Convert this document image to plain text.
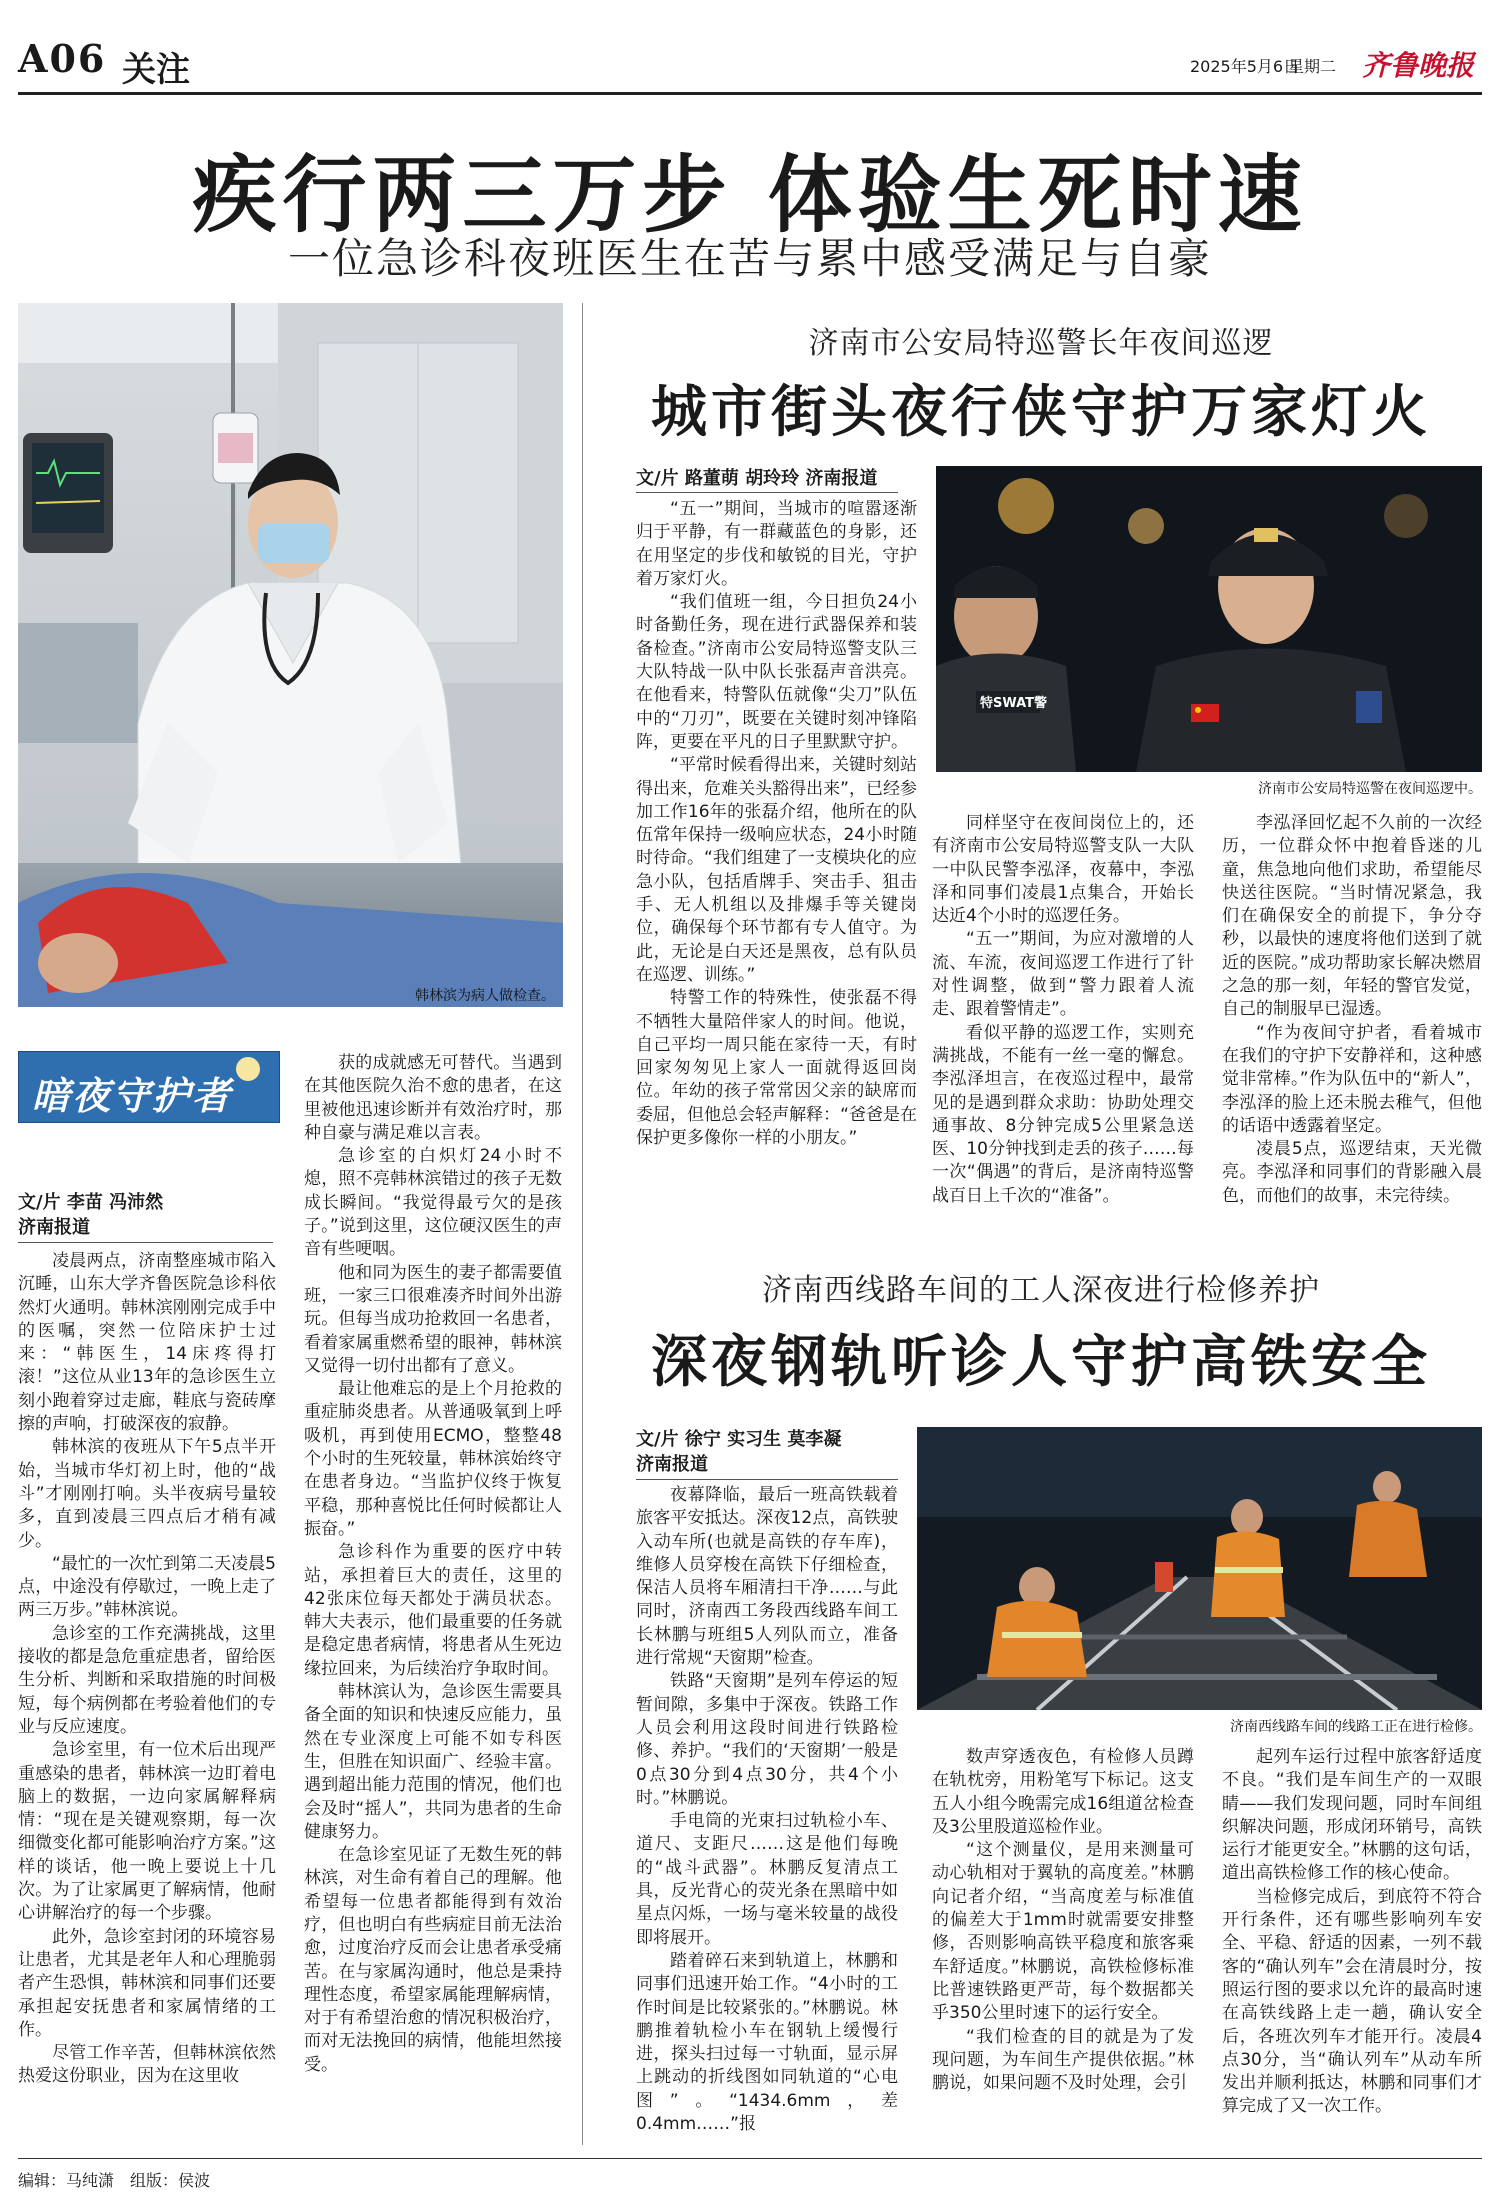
A06 关注	2025年5月6日
星期二 齐鲁晚报
疾行两三万步 体验生死时速
一位急诊科夜班医生在苦与累中感受满足与自豪
韩林滨为病人做检查。
暗夜守护者
文/片 李苗 冯沛然
济南报道

凌晨两点，济南整座城市陷入沉睡，山东大学齐鲁医院急诊科依然灯火通明。韩林滨刚刚完成手中的医嘱，突然一位陪床护士过来：“韩医生，14床疼得打滚！”这位从业13年的急诊医生立刻小跑着穿过走廊，鞋底与瓷砖摩擦的声响，打破深夜的寂静。

韩林滨的夜班从下午5点半开始，当城市华灯初上时，他的“战斗”才刚刚打响。头半夜病号量较多，直到凌晨三四点后才稍有减少。

“最忙的一次忙到第二天凌晨5点，中途没有停歇过，一晚上走了两三万步。”韩林滨说。

急诊室的工作充满挑战，这里接收的都是急危重症患者，留给医生分析、判断和采取措施的时间极短，每个病例都在考验着他们的专业与反应速度。

急诊室里，有一位术后出现严重感染的患者，韩林滨一边盯着电脑上的数据，一边向家属解释病情：“现在是关键观察期，每一次细微变化都可能影响治疗方案。”这样的谈话，他一晚上要说上十几次。为了让家属更了解病情，他耐心讲解治疗的每一个步骤。

此外，急诊室封闭的环境容易让患者，尤其是老年人和心理脆弱者产生恐惧，韩林滨和同事们还要承担起安抚患者和家属情绪的工作。

尽管工作辛苦，但韩林滨依然热爱这份职业，因为在这里收

获的成就感无可替代。当遇到在其他医院久治不愈的患者，在这里被他迅速诊断并有效治疗时，那种自豪与满足难以言表。

急诊室的白炽灯24小时不熄，照不亮韩林滨错过的孩子无数成长瞬间。“我觉得最亏欠的是孩子。”说到这里，这位硬汉医生的声音有些哽咽。

他和同为医生的妻子都需要值班，一家三口很难凑齐时间外出游玩。但每当成功抢救回一名患者，看着家属重燃希望的眼神，韩林滨又觉得一切付出都有了意义。

最让他难忘的是上个月抢救的重症肺炎患者。从普通吸氧到上呼吸机，再到使用ECMO，整整48个小时的生死较量，韩林滨始终守在患者身边。“当监护仪终于恢复平稳，那种喜悦比任何时候都让人振奋。”

急诊科作为重要的医疗中转站，承担着巨大的责任，这里的42张床位每天都处于满员状态。韩大夫表示，他们最重要的任务就是稳定患者病情，将患者从生死边缘拉回来，为后续治疗争取时间。

韩林滨认为，急诊医生需要具备全面的知识和快速反应能力，虽然在专业深度上可能不如专科医生，但胜在知识面广、经验丰富。遇到超出能力范围的情况，他们也会及时“摇人”，共同为患者的生命健康努力。

在急诊室见证了无数生死的韩林滨，对生命有着自己的理解。他希望每一位患者都能得到有效治疗，但也明白有些病症目前无法治愈，过度治疗反而会让患者承受痛苦。在与家属沟通时，他总是秉持理性态度，希望家属能理解病情，对于有希望治愈的情况积极治疗，而对无法挽回的病情，他能坦然接受。

济南市公安局特巡警长年夜间巡逻
城市街头夜行侠守护万家灯火
文/片 路董萌 胡玲玲 济南报道
特SWAT警
济南市公安局特巡警在夜间巡逻中。

“五一”期间，当城市的喧嚣逐渐归于平静，有一群藏蓝色的身影，还在用坚定的步伐和敏锐的目光，守护着万家灯火。

“我们值班一组，今日担负24小时备勤任务，现在进行武器保养和装备检查。”济南市公安局特巡警支队三大队特战一队中队长张磊声音洪亮。在他看来，特警队伍就像“尖刀”队伍中的“刀刃”，既要在关键时刻冲锋陷阵，更要在平凡的日子里默默守护。

“平常时候看得出来，关键时刻站得出来，危难关头豁得出来”，已经参加工作16年的张磊介绍，他所在的队伍常年保持一级响应状态，24小时随时待命。“我们组建了一支模块化的应急小队，包括盾牌手、突击手、狙击手、无人机组以及排爆手等关键岗位，确保每个环节都有专人值守。为此，无论是白天还是黑夜，总有队员在巡逻、训练。”

特警工作的特殊性，使张磊不得不牺牲大量陪伴家人的时间。他说，自己平均一周只能在家待一天，有时回家匆匆见上家人一面就得返回岗位。年幼的孩子常常因父亲的缺席而委屈，但他总会轻声解释：“爸爸是在保护更多像你一样的小朋友。”

同样坚守在夜间岗位上的，还有济南市公安局特巡警支队一大队一中队民警李泓泽，夜幕中，李泓泽和同事们凌晨1点集合，开始长达近4个小时的巡逻任务。

“五一”期间，为应对激增的人流、车流，夜间巡逻工作进行了针对性调整，做到“警力跟着人流走、跟着警情走”。

看似平静的巡逻工作，实则充满挑战，不能有一丝一毫的懈怠。李泓泽坦言，在夜巡过程中，最常见的是遇到群众求助：协助处理交通事故、8分钟完成5公里紧急送医、10分钟找到走丢的孩子……每一次“偶遇”的背后，是济南特巡警战百日上千次的“准备”。

李泓泽回忆起不久前的一次经历，一位群众怀中抱着昏迷的儿童，焦急地向他们求助，希望能尽快送往医院。“当时情况紧急，我们在确保安全的前提下，争分夺秒，以最快的速度将他们送到了就近的医院。”成功帮助家长解决燃眉之急的那一刻，年轻的警官发觉，自己的制服早已湿透。

“作为夜间守护者，看着城市在我们的守护下安静祥和，这种感觉非常棒。”作为队伍中的“新人”，李泓泽的脸上还未脱去稚气，但他的话语中透露着坚定。

凌晨5点，巡逻结束，天光微亮。李泓泽和同事们的背影融入晨色，而他们的故事，未完待续。

济南西线路车间的工人深夜进行检修养护
深夜钢轨听诊人守护高铁安全
文/片 徐宁 实习生 莫李凝
济南报道
济南西线路车间的线路工正在进行检修。

夜幕降临，最后一班高铁载着旅客平安抵达。深夜12点，高铁驶入动车所(也就是高铁的存车库)，维修人员穿梭在高铁下仔细检查，保洁人员将车厢清扫干净……与此同时，济南西工务段西线路车间工长林鹏与班组5人列队而立，准备进行常规“天窗期”检查。

铁路“天窗期”是列车停运的短暂间隙，多集中于深夜。铁路工作人员会利用这段时间进行铁路检修、养护。“我们的‘天窗期’一般是0点30分到4点30分，共4个小时。”林鹏说。

手电筒的光束扫过轨检小车、道尺、支距尺……这是他们每晚的“战斗武器”。林鹏反复清点工具，反光背心的荧光条在黑暗中如星点闪烁，一场与毫米较量的战役即将展开。

踏着碎石来到轨道上，林鹏和同事们迅速开始工作。“4小时的工作时间是比较紧张的。”林鹏说。林鹏推着轨检小车在钢轨上缓慢行进，探头扫过每一寸轨面，显示屏上跳动的折线图如同轨道的“心电图”。“1434.6mm，差0.4mm……”报

数声穿透夜色，有检修人员蹲在轨枕旁，用粉笔写下标记。这支五人小组今晚需完成16组道岔检查及3公里股道巡检作业。

“这个测量仪，是用来测量可动心轨相对于翼轨的高度差。”林鹏向记者介绍，“当高度差与标准值的偏差大于1mm时就需要安排整修，否则影响高铁平稳度和旅客乘车舒适度。”林鹏说，高铁检修标准比普速铁路更严苛，每个数据都关乎350公里时速下的运行安全。

“我们检查的目的就是为了发现问题，为车间生产提供依据。”林鹏说，如果问题不及时处理，会引

起列车运行过程中旅客舒适度不良。“我们是车间生产的一双眼睛——我们发现问题，同时车间组织解决问题，形成闭环销号，高铁运行才能更安全。”林鹏的这句话，道出高铁检修工作的核心使命。

当检修完成后，到底符不符合开行条件，还有哪些影响列车安全、平稳、舒适的因素，一列不载客的“确认列车”会在清晨时分，按照运行图的要求以允许的最高时速在高铁线路上走一趟，确认安全后，各班次列车才能开行。凌晨4点30分，当“确认列车”从动车所发出并顺利抵达，林鹏和同事们才算完成了又一次工作。

编辑：马纯潇 组版：侯波
